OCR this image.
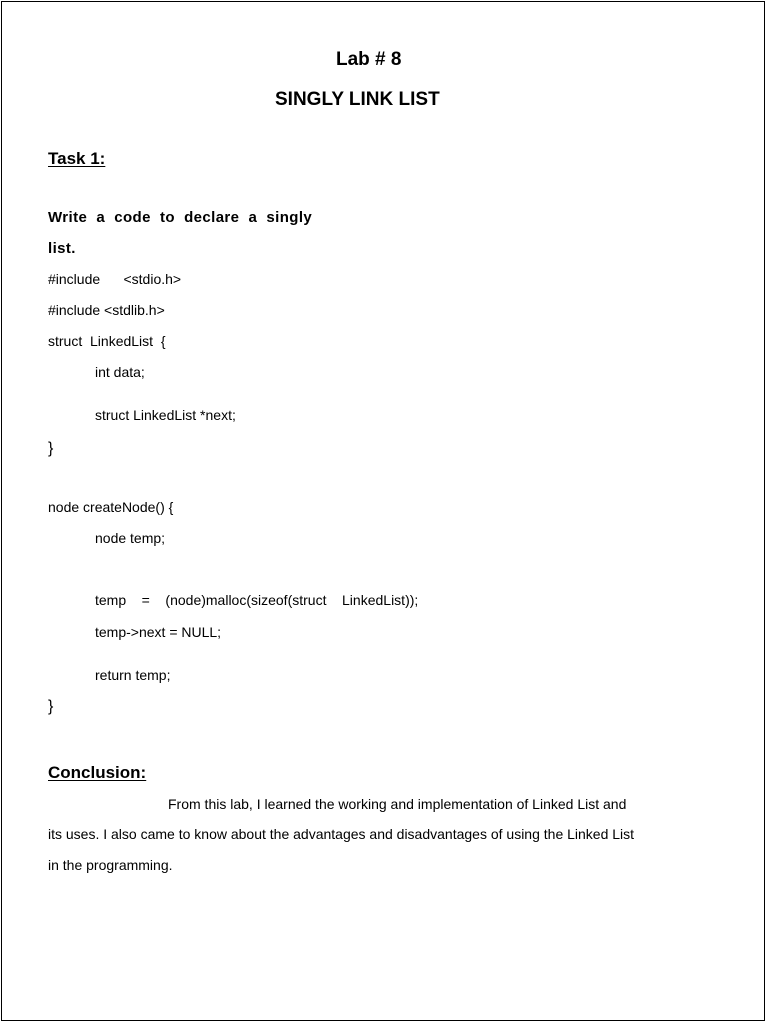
Lab # 8
SINGLY LINK LIST
Task 1:
Write  a  code  to  declare  a  singly
list.
#include      <stdio.h>
#include <stdlib.h>
struct  LinkedList  {
int data;
struct LinkedList *next;
}
node createNode() {
node temp;
temp    =    (node)malloc(sizeof(struct    LinkedList));
temp->next = NULL;
return temp;
}
Conclusion:
From this lab, I learned the working and implementation of Linked List and
its uses. I also came to know about the advantages and disadvantages of using the Linked List
in the programming.
